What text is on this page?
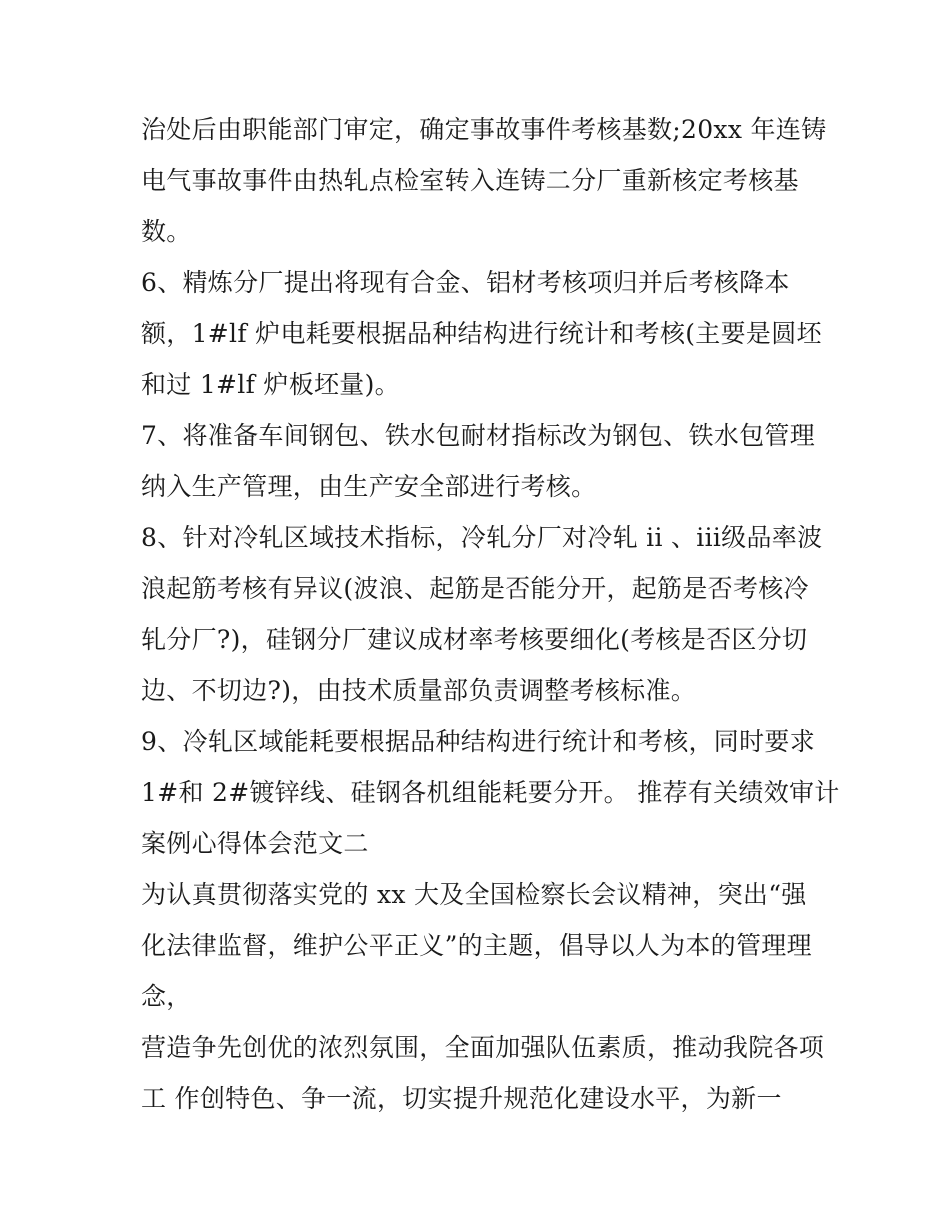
治处后由职能部门审定，确定事故事件考核基数;20xx 年连铸
电气事故事件由热轧点检室转入连铸二分厂重新核定考核基
数。
6、精炼分厂提出将现有合金、铝材考核项归并后考核降本
额，1#lf 炉电耗要根据品种结构进行统计和考核(主要是圆坯
和过 1#lf 炉板坯量)。
7、将准备车间钢包、铁水包耐材指标改为钢包、铁水包管理
纳入生产管理，由生产安全部进行考核。
8、针对冷轧区域技术指标，冷轧分厂对冷轧 ii 、iii级品率波
浪起筋考核有异议(波浪、起筋是否能分开，起筋是否考核冷
轧分厂?)，硅钢分厂建议成材率考核要细化(考核是否区分切
边、不切边?)，由技术质量部负责调整考核标准。
9、冷轧区域能耗要根据品种结构进行统计和考核，同时要求
1#和 2#镀锌线、硅钢各机组能耗要分开。 推荐有关绩效审计
案例心得体会范文二
为认真贯彻落实党的 xx 大及全国检察长会议精神，突出“强
化法律监督，维护公平正义”的主题，倡导以人为本的管理理
念，
营造争先创优的浓烈氛围，全面加强队伍素质，推动我院各项
工 作创特色、争一流，切实提升规范化建设水平，为新一
